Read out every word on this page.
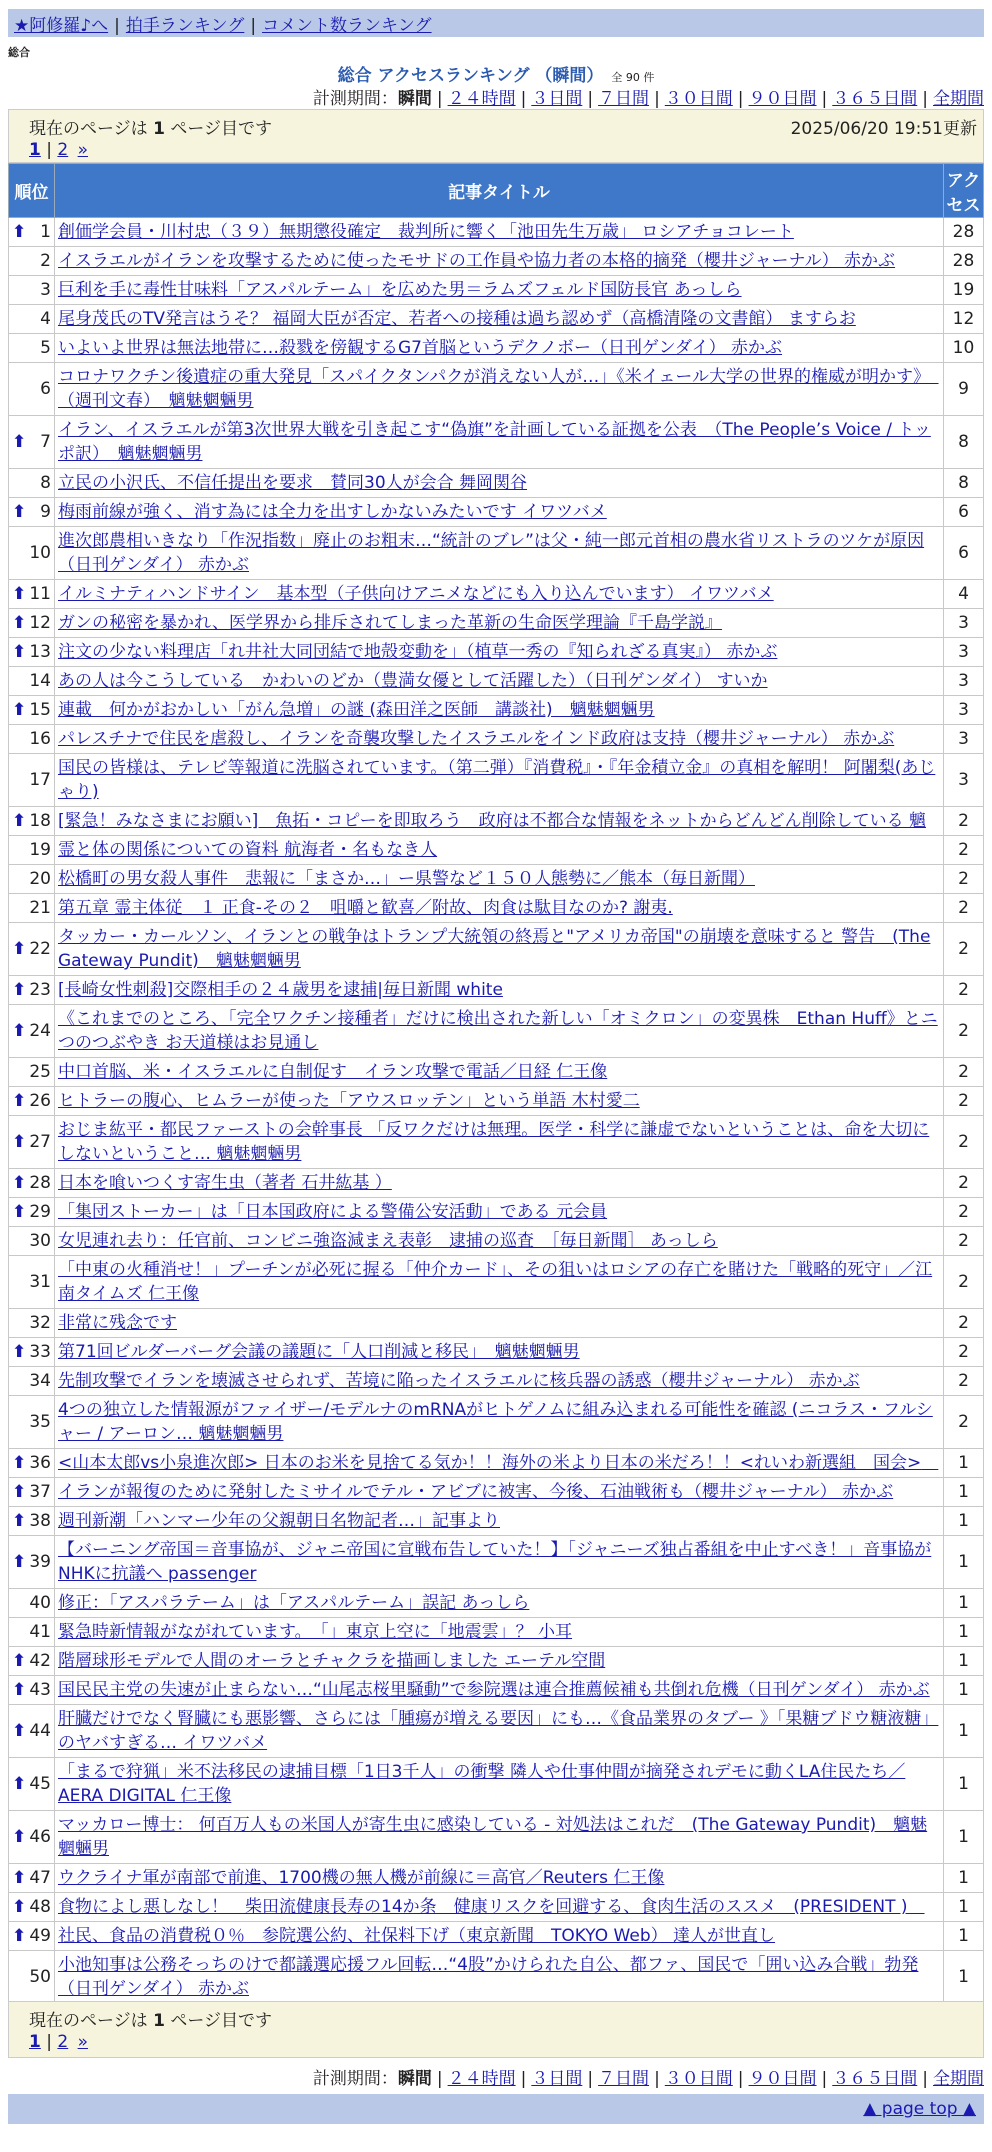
★阿修羅♪へ | 拍手ランキング | コメント数ランキング
総合
総合 アクセスランキング （瞬間） 全 90 件
計測期間：瞬間 | ２４時間 | ３日間 | ７日間 | ３０日間 | ９０日間 | ３６５日間 | 全期間
現在のページは 1 ページ目です	2025/06/20 19:51更新
1 | 2 »
順位	記事タイトル	アクセス

⬆ 1	創価学会員・川村忠（３９）無期懲役確定　裁判所に響く「池田先生万歳」 ロシアチョコレート	28
2	イスラエルがイランを攻撃するために使ったモサドの工作員や協力者の本格的摘発（櫻井ジャーナル） 赤かぶ	28
3	巨利を手に毒性甘味料「アスパルテーム」を広めた男＝ラムズフェルド国防長官 あっしら	19
4	尾身茂氏のTV発言はうそ？ 福岡大臣が否定、若者への接種は過ち認めず（高橋清隆の文書館） ますらお	12
5	いよいよ世界は無法地帯に…殺戮を傍観するG7首脳というデクノボー（日刊ゲンダイ） 赤かぶ	10
6	コロナワクチン後遺症の重大発見「スパイクタンパクが消えない人が…」《米イェール大学の世界的権威が明かす》　（週刊文春）　魑魅魍魎男	9

⬆ 7	イラン、イスラエルが第3次世界大戦を引き起こす“偽旗”を計画している証拠を公表　（The People’s Voice / トッポ訳）　魑魅魍魎男	8
8	立民の小沢氏、不信任提出を要求　賛同30人が会合 舞岡関谷	8

⬆ 9	梅雨前線が強く、消す為には全力を出すしかないみたいです イワツバメ	6
10	進次郎農相いきなり「作況指数」廃止のお粗末…“統計のブレ”は父・純一郎元首相の農水省リストラのツケが原因（日刊ゲンダイ） 赤かぶ	6

⬆ 11	イルミナティハンドサイン　基本型（子供向けアニメなどにも入り込んでいます） イワツバメ	4

⬆ 12	ガンの秘密を暴かれ、医学界から排斥されてしまった革新の生命医学理論『千島学説』	3

⬆ 13	注文の少ない料理店「れ井社大同団結で地殻変動を」（植草一秀の『知られざる真実』） 赤かぶ	3
14	あの人は今こうしている　かわいのどか（豊満女優として活躍した）（日刊ゲンダイ） すいか	3

⬆ 15	連載　何かがおかしい「がん急増」の謎 (森田洋之医師　講談社)　魑魅魍魎男	3
16	パレスチナで住民を虐殺し、イランを奇襲攻撃したイスラエルをインド政府は支持（櫻井ジャーナル） 赤かぶ	3
17	国民の皆様は、テレビ等報道に洗脳されています。（第二弾）『消費税』・『年金積立金』の真相を解明！ 阿闍梨(あじゃり)	3

⬆ 18	[緊急！みなさまにお願い]　魚拓・コピーを即取ろう　政府は不都合な情報をネットからどんどん削除している 魑	2
19	霊と体の関係についての資料 航海者・名もなき人	2
20	松橋町の男女殺人事件　悲報に「まさか…」ー県警など１５０人態勢に／熊本（毎日新聞）	2
21	第五章 霊主体従　１ 正食-その２　咀嚼と歓喜／附故、肉食は駄目なのか? 謝夷.	2

⬆ 22	タッカー・カールソン、イランとの戦争はトランプ大統領の終焉と"アメリカ帝国"の崩壊を意味すると 警告　(The Gateway Pundit)　魑魅魍魎男	2

⬆ 23	[長崎女性刺殺]交際相手の２４歳男を逮捕|毎日新聞 white	2

⬆ 24	《これまでのところ、「完全ワクチン接種者」だけに検出された新しい「オミクロン」の変異株　Ethan Huff》とニつのつぶやき お天道様はお見通し	2
25	中口首脳、米・イスラエルに自制促す　イラン攻撃で電話／日経 仁王像	2

⬆ 26	ヒトラーの腹心、ヒムラーが使った「アウスロッテン」という単語 木村愛二	2

⬆ 27	おじま紘平・都民ファーストの会幹事長 「反ワクだけは無理。医学・科学に謙虚でないということは、命を大切にしないということ… 魑魅魍魎男	2

⬆ 28	日本を喰いつくす寄生虫（著者 石井紘基 ）	2

⬆ 29	「集団ストーカー」は「日本国政府による警備公安活動」である 元会員	2
30	女児連れ去り：任官前、コンビニ強盗減まえ表彰　逮捕の巡査　［毎日新聞］ あっしら	2
31	「中東の火種消せ！」プーチンが必死に握る「仲介カード」、その狙いはロシアの存亡を賭けた「戦略的死守」／江南タイムズ 仁王像	2
32	非常に残念です	2

⬆ 33	第71回ビルダーバーグ会議の議題に「人口削減と移民」　魑魅魍魎男	2
34	先制攻撃でイランを壊滅させられず、苦境に陥ったイスラエルに核兵器の誘惑（櫻井ジャーナル） 赤かぶ	2
35	4つの独立した情報源がファイザー/モデルナのmRNAがヒトゲノムに組み込まれる可能性を確認 (ニコラス・フルシャー / アーロン… 魑魅魍魎男	2

⬆ 36	<山本太郎vs小泉進次郎> 日本のお米を見捨てる気か！！海外の米より日本の米だろ！！<れいわ新選組　国会>　	1

⬆ 37	イランが報復のために発射したミサイルでテル・アビブに被害、今後、石油戦術も（櫻井ジャーナル） 赤かぶ	1

⬆ 38	週刊新潮「ハンマー少年の父親朝日名物記者…」記事より	1

⬆ 39	【バーニング帝国＝音事協が、ジャニ帝国に宣戦布告していた！】「ジャニーズ独占番組を中止すべき！」音事協がNHKに抗議へ passenger	1
40	修正：「アスパラテーム」は「アスパルテーム」誤記 あっしら	1
41	緊急時新情報がながれています。　「」東京上空に「地震雲」？ 小耳	1

⬆ 42	階層球形モデルで人間のオーラとチャクラを描画しました エーテル空間	1

⬆ 43	国民民主党の失速が止まらない…“山尾志桜里騒動”で参院選は連合推薦候補も共倒れ危機（日刊ゲンダイ） 赤かぶ	1

⬆ 44	肝臓だけでなく腎臓にも悪影響、さらには「腫瘍が増える要因」にも…《食品業界のタブー 》「果糖ブドウ糖液糖」のヤバすぎる… イワツバメ	1

⬆ 45	「まるで狩猟」米不法移民の逮捕目標「1日3千人」の衝撃 隣人や仕事仲間が摘発されデモに動くLA住民たち／AERA DIGITAL 仁王像	1

⬆ 46	マッカロー博士： 何百万人もの米国人が寄生虫に感染している - 対処法はこれだ　(The Gateway Pundit)　魑魅魍魎男	1

⬆ 47	ウクライナ軍が南部で前進、1700機の無人機が前線に＝高官／Reuters 仁王像	1

⬆ 48	食物によし悪しなし！　柴田流健康長寿の14か条　健康リスクを回避する、食肉生活のススメ　(PRESIDENT )　	1

⬆ 49	社民、食品の消費税０％　参院選公約、社保料下げ（東京新聞　TOKYO Web） 達人が世直し	1
50	小池知事は公務そっちのけで都議選応援フル回転…“4股”かけられた自公、都ファ、国民で「囲い込み合戦」勃発（日刊ゲンダイ） 赤かぶ	1
現在のページは 1 ページ目です
1 | 2 »
計測期間：瞬間 | ２４時間 | ３日間 | ７日間 | ３０日間 | ９０日間 | ３６５日間 | 全期間
▲ page top ▲
